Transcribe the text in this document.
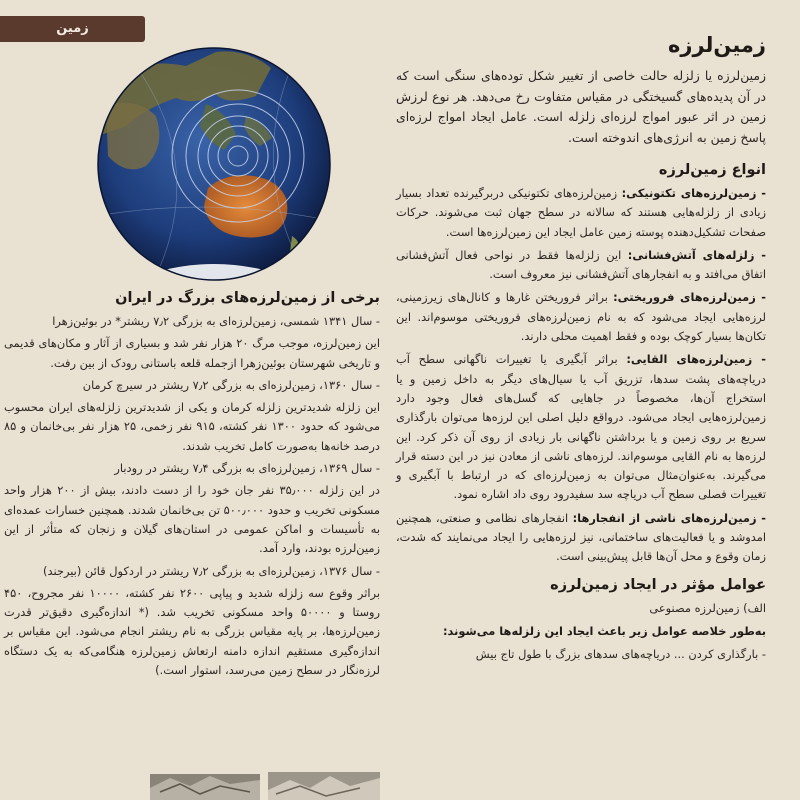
زمین
برخی از زمین‌لرزه‌های بزرگ در ایران

- سال ۱۳۴۱ شمسی، زمین‌لرزه‌ای به بزرگی ۷٫۲ ریشتر* در بوئین‌زهرا

این زمین‌لرزه، موجب مرگ ۲۰ هزار نفر شد و بسیاری از آثار و مکان‌های قدیمی و تاریخی شهرستان بوئین‌زهرا ازجمله قلعه باستانی رودک از بین رفت.

- سال ۱۳۶۰، زمین‌لرزه‌ای به بزرگی ۷٫۲ ریشتر در سیرچ کرمان

این زلزله شدیدترین زلزله کرمان و یکی از شدیدترین زلزله‌های ایران محسوب می‌شود که حدود ۱۳۰۰ نفر کشته، ۹۱۵ نفر زخمی، ۲۵ هزار نفر بی‌خانمان و ۸۵ درصد خانه‌ها به‌صورت کامل تخریب شدند.

- سال ۱۳۶۹، زمین‌لرزه‌ای به بزرگی ۷٫۴ ریشتر در رودبار

در این زلزله ۳۵٫۰۰۰ نفر جان خود را از دست دادند، بیش از ۲۰۰ هزار واحد مسکونی تخریب و حدود ۵۰۰٫۰۰۰ تن بی‌خانمان شدند. همچنین خسارات عمده‌ای به تأسیسات و اماکن عمومی در استان‌های گیلان و زنجان که متأثر از این زمین‌لرزه بودند، وارد آمد.

- سال ۱۳۷۶، زمین‌لرزه‌ای به بزرگی ۷٫۲ ریشتر در اردکول قائن (بیرجند)

براثر وقوع سه زلزله شدید و پیاپی ۲۶۰۰ نفر کشته، ۱۰۰۰۰ نفر مجروح، ۴۵۰ روستا و ۵۰۰۰۰ واحد مسکونی تخریب شد. (* اندازه‌گیری دقیق‌تر قدرت زمین‌لرزه‌ها، بر پایه مقیاس بزرگی به نام ریشتر انجام می‌شود. این مقیاس بر اندازه‌گیری مستقیم اندازه دامنه ارتعاش زمین‌لرزه هنگامی‌که به یک دستگاه لرزه‌نگار در سطح زمین می‌رسد، استوار است.)

زمین‌لرزه

زمین‌لرزه یا زلزله حالت خاصی از تغییر شکل توده‌های سنگی است که در آن پدیده‌های گسیختگی در مقیاس متفاوت رخ می‌دهد. هر نوع لرزش زمین در اثر عبور امواج لرزه‌ای زلزله است. عامل ایجاد امواج لرزه‌ای پاسخ زمین به انرژی‌های اندوخته است.

انواع زمین‌لرزه

- زمین‌لرزه‌های تکتونیکی: زمین‌لرزه‌های تکتونیکی دربرگیرنده تعداد بسیار زیادی از زلزله‌هایی هستند که سالانه در سطح جهان ثبت می‌شوند. حرکات صفحات تشکیل‌دهنده پوسته زمین عامل ایجاد این زمین‌لرزه‌ها است.

- زلزله‌های آتش‌فشانی: این زلزله‌ها فقط در نواحی فعال آتش‌فشانی اتفاق می‌افتد و به انفجارهای آتش‌فشانی نیز معروف است.

- زمین‌لرزه‌های فروریختی: براثر فروریختن غارها و کانال‌های زیرزمینی، لرزه‌هایی ایجاد می‌شود که به نام زمین‌لرزه‌های فروریختی موسوم‌اند. این تکان‌ها بسیار کوچک بوده و فقط اهمیت محلی دارند.

- زمین‌لرزه‌های القایی: براثر آبگیری یا تغییرات ناگهانی سطح آب دریاچه‌های پشت سدها، تزریق آب یا سیال‌های دیگر به داخل زمین و یا استخراج آن‌ها، مخصوصاً در جاهایی که گسل‌های فعال وجود دارد زمین‌لرزه‌هایی ایجاد می‌شود. درواقع دلیل اصلی این لرزه‌ها می‌توان بارگذاری سریع بر روی زمین و یا برداشتن ناگهانی بار زیادی از روی آن ذکر کرد. این لرزه‌ها به نام القایی موسوم‌اند. لرزه‌های ناشی از معادن نیز در این دسته قرار می‌گیرند. به‌عنوان‌مثال می‌توان به زمین‌لرزه‌ای که در ارتباط با آبگیری و تغییرات فصلی سطح آب دریاچه سد سفیدرود روی داد اشاره نمود.

- زمین‌لرزه‌های ناشی از انفجارها: انفجارهای نظامی و صنعتی، همچنین امدوشد و یا فعالیت‌های ساختمانی، نیز لرزه‌هایی را ایجاد می‌نمایند که شدت، زمان وقوع و محل آن‌ها قابل پیش‌بینی است.

عوامل مؤثر در ایجاد زمین‌لرزه

الف) زمین‌لرزه مصنوعی

به‌طور خلاصه عوامل زیر باعث ایجاد این زلزله‌ها می‌شوند:

- بارگذاری کردن ... دریاچه‌های سدهای بزرگ با طول تاج بیش
